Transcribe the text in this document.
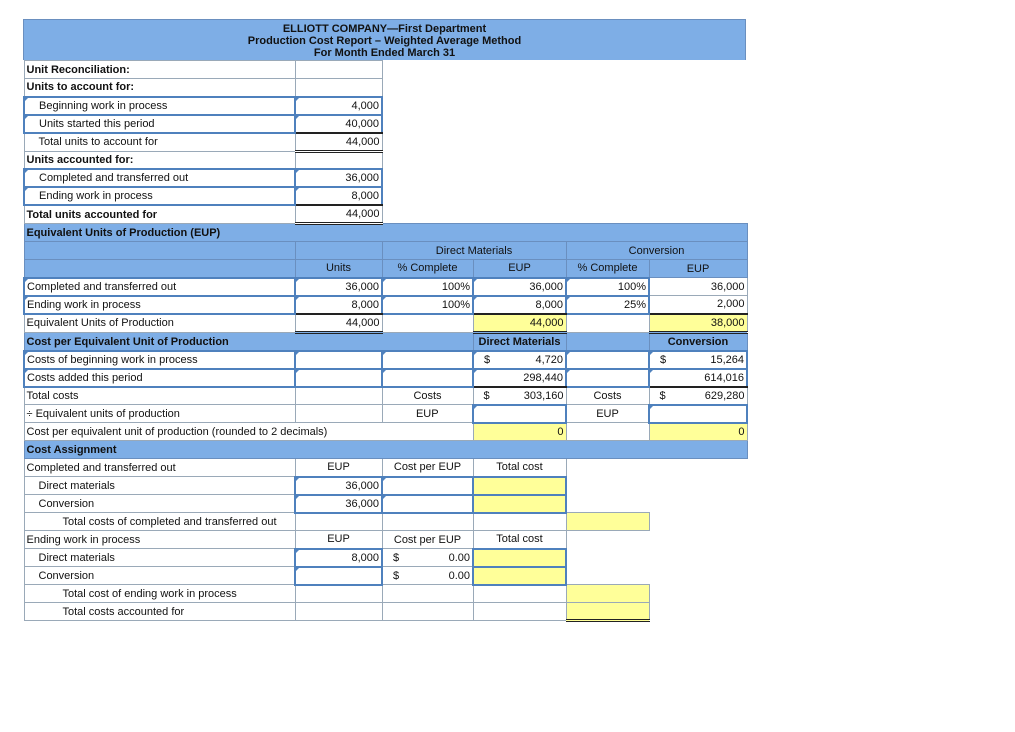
ELLIOTT COMPANY—First Department
Production Cost Report – Weighted Average Method
For Month Ended March 31
Unit Reconciliation:					
Units to account for:					
Beginning work in process	4,000				
Units started this period	40,000				
Total units to account for	44,000				
Units accounted for:					
Completed and transferred out	36,000				
Ending work in process	8,000				
Total units accounted for	44,000				
Equivalent Units of Production (EUP)					
		Direct Materials		Conversion	
	Units	% Complete	EUP	% Complete	EUP
Completed and transferred out	36,000	100%	36,000	100%	36,000
Ending work in process	8,000	100%	8,000	25%	2,000
Equivalent Units of Production	44,000		44,000		38,000
Cost per Equivalent Unit of Production			Direct Materials		Conversion
Costs of beginning work in process			$ 4,720		$ 15,264
Costs added this period			298,440		614,016
Total costs		Costs	$ 303,160	Costs	$ 629,280
÷ Equivalent units of production		EUP		EUP	
Cost per equivalent unit of production (rounded to 2 decimals)			0		0
Cost Assignment					
Completed and transferred out	EUP	Cost per EUP	Total cost		
Direct materials	36,000				
Conversion	36,000				
Total costs of completed and transferred out					
Ending work in process	EUP	Cost per EUP	Total cost		
Direct materials	8,000	$ 0.00			
Conversion		$ 0.00			
Total cost of ending work in process					
Total costs accounted for					
